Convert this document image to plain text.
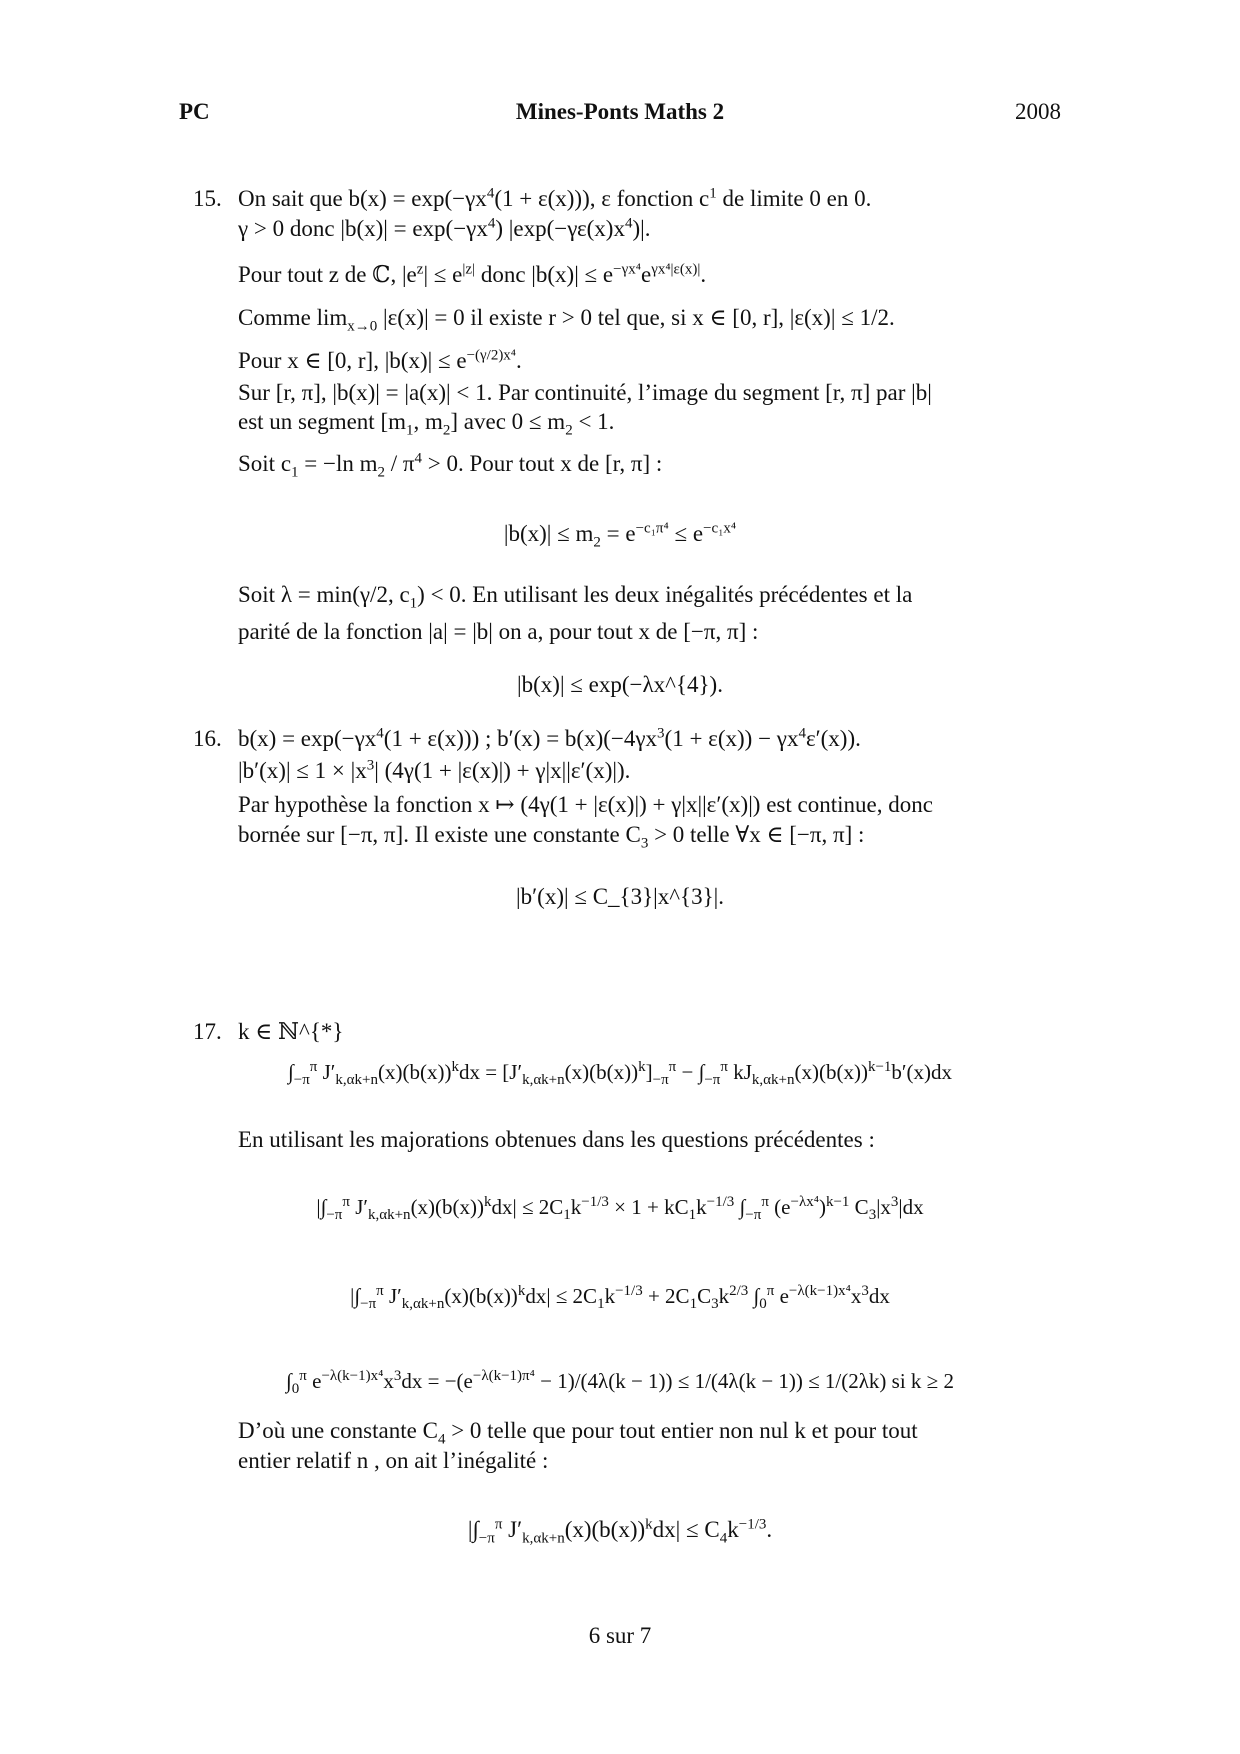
PC	Mines-Ponts Maths 2	2008
15. On sait que $b(x) = \exp(-\gamma x^4(1 + \varepsilon(x)))$, ε fonction $c^1$ de limite 0 en 0.
γ > 0 donc $|b(x)| = \exp(-\gamma x^4)$ $|\exp(-\gamma\varepsilon(x)x^4)|$.
Pour tout z de ℂ, $|e^z| \le e^{|z|}$ donc $|b(x)| \le e^{-\gamma x^4}e^{\gamma x^4|\varepsilon(x)|}$.
Comme $\lim_{x\to 0} |\varepsilon(x)| = 0$ il existe r > 0 tel que, si x ∈ [0, r], |ε(x)| ≤ 1/2.
Pour x ∈ [0, r], $|b(x)| \le e^{-(\gamma/2)x^4}$.
Sur [r, π], |b(x)| = |a(x)| < 1. Par continuité, l’image du segment [r, π] par |b|
est un segment [$m_1$, $m_2$] avec $0 \le m_2 < 1$.
Soit $c_1 = -\ln$ $m_2 / \pi^4 > 0$. Pour tout x de [r, π] :
$|b(x)| \le m_2 = e^{-c_1\pi^4} \le e^{-c_1x^4}$
Soit λ = min(γ/2, $c_1) < 0$. En utilisant les deux inégalités précédentes et la
parité de la fonction |a| = |b| on a, pour tout x de [−π, π] :
|b(x)| ≤ exp(−λx^{4}).
16. $b(x) = \exp(-\gamma x^4(1 + \varepsilon(x)))$ ; $b'(x) = b(x)(-4\gamma x^3(1 + \varepsilon(x)) - \gamma x^4\varepsilon'(x))$.
$|b'(x)| \le 1 \times |x^3|$ (4γ(1 + |ε(x)|) + γ|x||ε′(x)|).
Par hypothèse la fonction x ↦ (4γ(1 + |ε(x)|) + γ|x||ε′(x)|) est continue, donc
bornée sur [−π, π]. Il existe une constante $C_3 > 0$ telle ∀x ∈ [−π, π] :
|b′(x)| ≤ C_{3}|x^{3}|.
17. k ∈ ℕ^{*}
$\int_{-\pi}^\pi$ $J'_{k,\alpha k+n}(x)(b(x))^kdx = [J'_{k,\alpha k+n}(x)(b(x))^k]_{-\pi}^\pi - \int_{-\pi}^\pi$ $kJ_{k,\alpha k+n}(x)(b(x))^{k-1}b'(x)dx$
En utilisant les majorations obtenues dans les questions précédentes :
$|\int_{-\pi}^\pi$ $J'_{k,\alpha k+n}(x)(b(x))^kdx| \le 2C_1k^{-1/3} \times 1 + kC_1k^{-1/3}$ $\int_{-\pi}^\pi$ $(e^{-\lambda x^4})^{k-1}$ $C_3|x^3|dx$
$|\int_{-\pi}^\pi$ $J'_{k,\alpha k+n}(x)(b(x))^kdx| \le 2C_1k^{-1/3} + 2C_1C_3k^{2/3}$ $\int_0^\pi$ $e^{-\lambda(k-1)x^4}x^3dx$
$\int_0^\pi$ $e^{-\lambda(k-1)x^4}x^3dx = -(e^{-\lambda(k-1)\pi^4} - 1)/(4\lambda(k - 1)) \le 1/(4\lambda(k - 1)) \le 1/(2\lambda k)$ si k ≥ 2
D’où une constante $C_4 > 0$ telle que pour tout entier non nul k et pour tout
entier relatif n , on ait l’inégalité :
$|\int_{-\pi}^\pi$ $J'_{k,\alpha k+n}(x)(b(x))^kdx| \le C_4k^{-1/3}$.
6 sur 7
